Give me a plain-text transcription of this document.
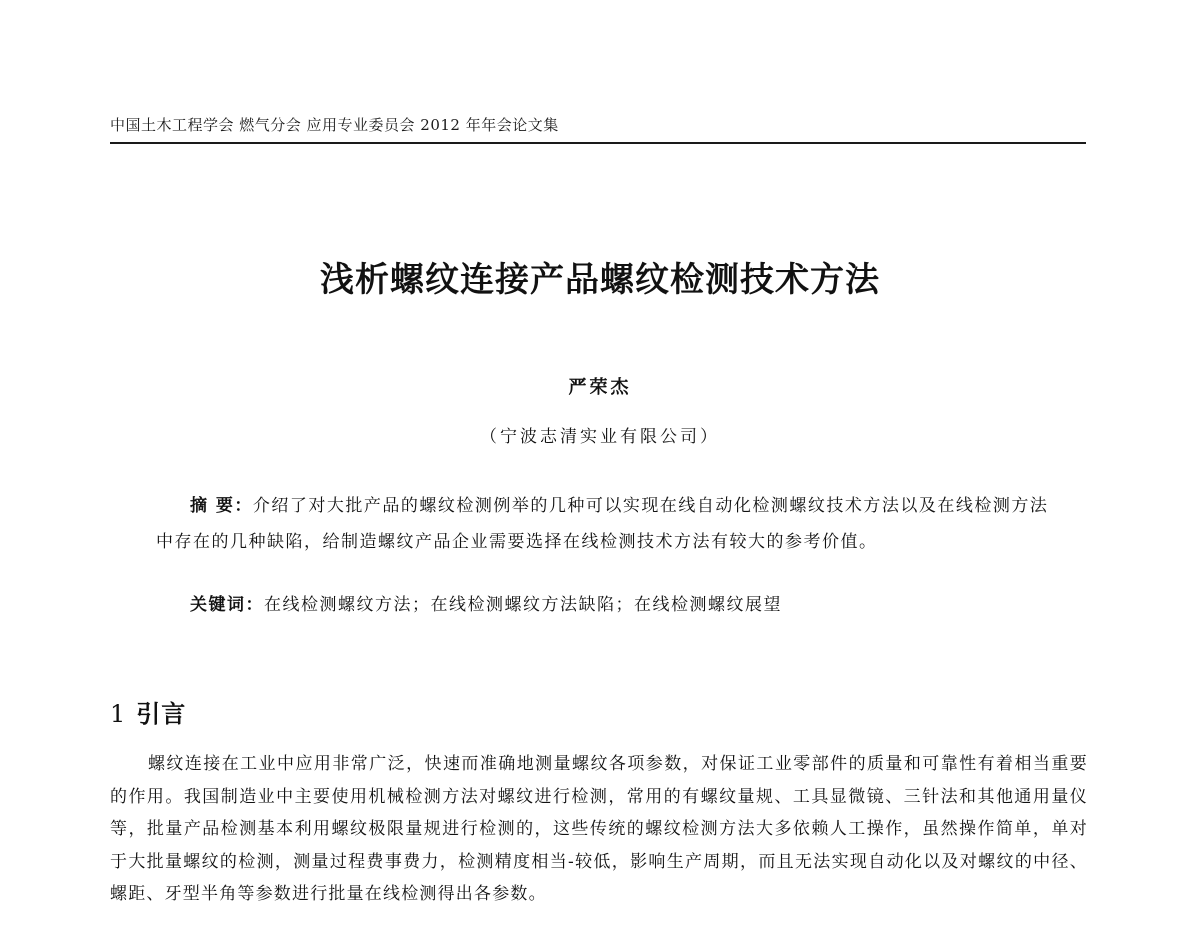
中国土木工程学会 燃气分会 应用专业委员会 2012 年年会论文集
浅析螺纹连接产品螺纹检测技术方法
严荣杰
（宁波志清实业有限公司）

摘 要：介绍了对大批产品的螺纹检测例举的几种可以实现在线自动化检测螺纹技术方法以及在线检测方法中存在的几种缺陷，给制造螺纹产品企业需要选择在线检测技术方法有较大的参考价值。

关键词：在线检测螺纹方法；在线检测螺纹方法缺陷；在线检测螺纹展望
1 引言

螺纹连接在工业中应用非常广泛，快速而准确地测量螺纹各项参数，对保证工业零部件的质量和可靠性有着相当重要的作用。我国制造业中主要使用机械检测方法对螺纹进行检测，常用的有螺纹量规、工具显微镜、三针法和其他通用量仪等，批量产品检测基本利用螺纹极限量规进行检测的，这些传统的螺纹检测方法大多依赖人工操作，虽然操作简单，单对于大批量螺纹的检测，测量过程费事费力，检测精度相当-较低，影响生产周期，而且无法实现自动化以及对螺纹的中径、螺距、牙型半角等参数进行批量在线检测得出各参数。
